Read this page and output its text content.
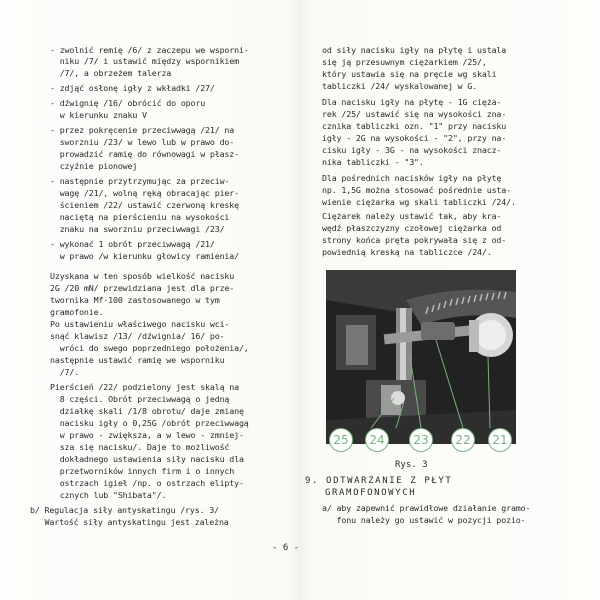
- zwolnić remię /6/ z zaczepu we wsporni-
niku /7/ i ustawić między wspornikiem
/7/, a obrzeżem talerza
- zdjąć osłonę igły z wkładki /27/
- dźwignię /16/ obrócić do oporu
w kierunku znaku V
- przez pokręcenie przeciwwagą /21/ na
sworzniu /23/ w lewo lub w prawo do-
prowadzić ramię do równowagi w płasz-
czyźnie pionowej
- następnie przytrzymując za przeciw-
wagę /21/, wolną ręką obracając pier-
ścieniem /22/ ustawić czerwoną kreskę
naciętą na pierścieniu na wysokości
znaku na sworzniu przeciwwagi /23/
- wykonać 1 obrót przeciwwagą /21/
w prawo /w kierunku głowicy ramienia/
Uzyskana w ten sposób wielkość nacisku
2G /20 mN/ przewidziana jest dla prze-
twornika Mf-100 zastosowanego w tym
gramofonie.
Po ustawieniu właściwego nacisku wci-
snąć klawisz /13/ /dźwignia/ 16/ po-
wróci do swego poprzedniego położenia/,
następnie ustawić ramię we wsporniku
/7/.
Pierścień /22/ podzielony jest skalą na
8 części. Obrót przeciwwagą o jedną
działkę skali /1/8 obrotu/ daje zmianę
nacisku igły o 0,25G /obrót przeciwwagą
w prawo - zwiększa, a w lewo - zmniej-
sza się nacisku/. Daje to możliwość
dokładnego ustawienia siły nacisku dla
przetworników innych firm i o innych
ostrzach igieł /np. o ostrzach elipty-
cznych lub "Shibata"/.
b/ Regulacja siły antyskatingu /rys. 3/
Wartość siły antyskatingu jest zależna
od siły nacisku igły na płytę i ustala
się ją przesuwnym ciężarkiem /25/,
który ustawia się na pręcie wg skali
tabliczki /24/ wyskalowanej w G.
Dla nacisku igły na płytę - 1G cięża-
rek /25/ ustawić się na wysokości zna-
cznika tabliczki ozn. "1" przy nacisku
igły - 2G na wysokości - "2", przy na-
cisku igły - 3G - na wysokości znacz-
nika tabliczki - "3".
Dla pośrednich nacisków igły na płytę
np. 1,5G można stosować pośrednie usta-
wienie ciężarka wg skali tabliczki /24/.
Ciężarek należy ustawić tak, aby kra-
wędź płaszczyzny czołowej ciężarka od
strony końca pręta pokrywała się z od-
powiednią kreską na tabliczce /24/.
25	24	23	22	21
Rys. 3
9. ODTWARZANIE Z PŁYT
GRAMOFONOWYCH
a/ aby zapewnić prawidłowe działanie gramo-
fonu należy go ustawić w pozycji pozio-
- 6 -
